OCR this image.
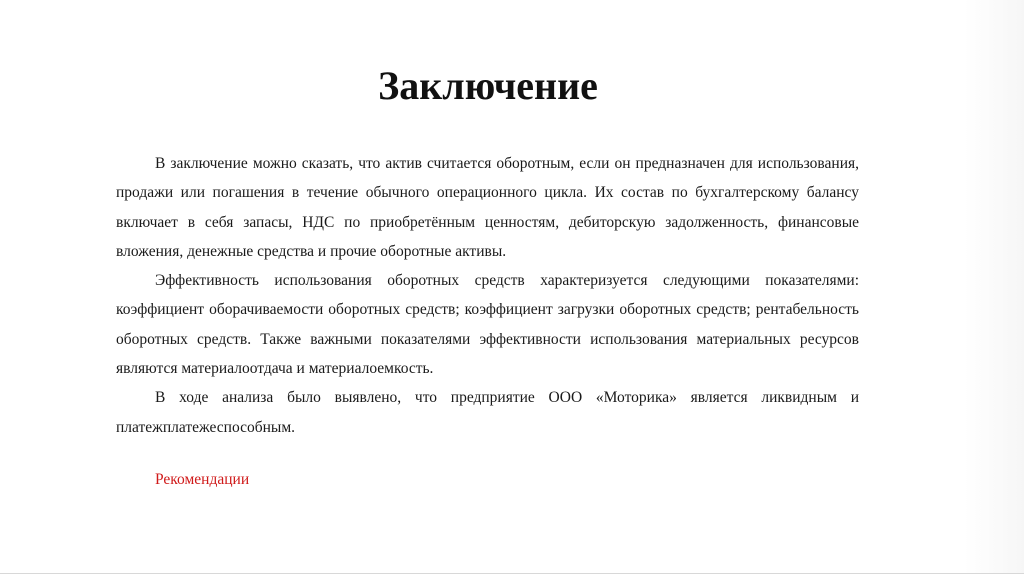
Заключение

В заключение можно сказать, что актив считается оборотным, если он предназначен для использования, продажи или погашения в течение обычного операционного цикла. Их состав по бухгалтерскому балансу включает в себя запасы, НДС по приобретённым ценностям, дебиторскую задолженность, финансовые вложения, денежные средства и прочие оборотные активы.

Эффективность использования оборотных средств характеризуется следующими показателями: коэффициент оборачиваемости оборотных средств; коэффициент загрузки оборотных средств; рентабельность оборотных средств. Также важными показателями эффективности использования материальных ресурсов являются материалоотдача и материалоемкость.

В ходе анализа было выявлено, что предприятие ООО «Моторика» является ликвидным и платежплатежеспособным.

Рекомендации
